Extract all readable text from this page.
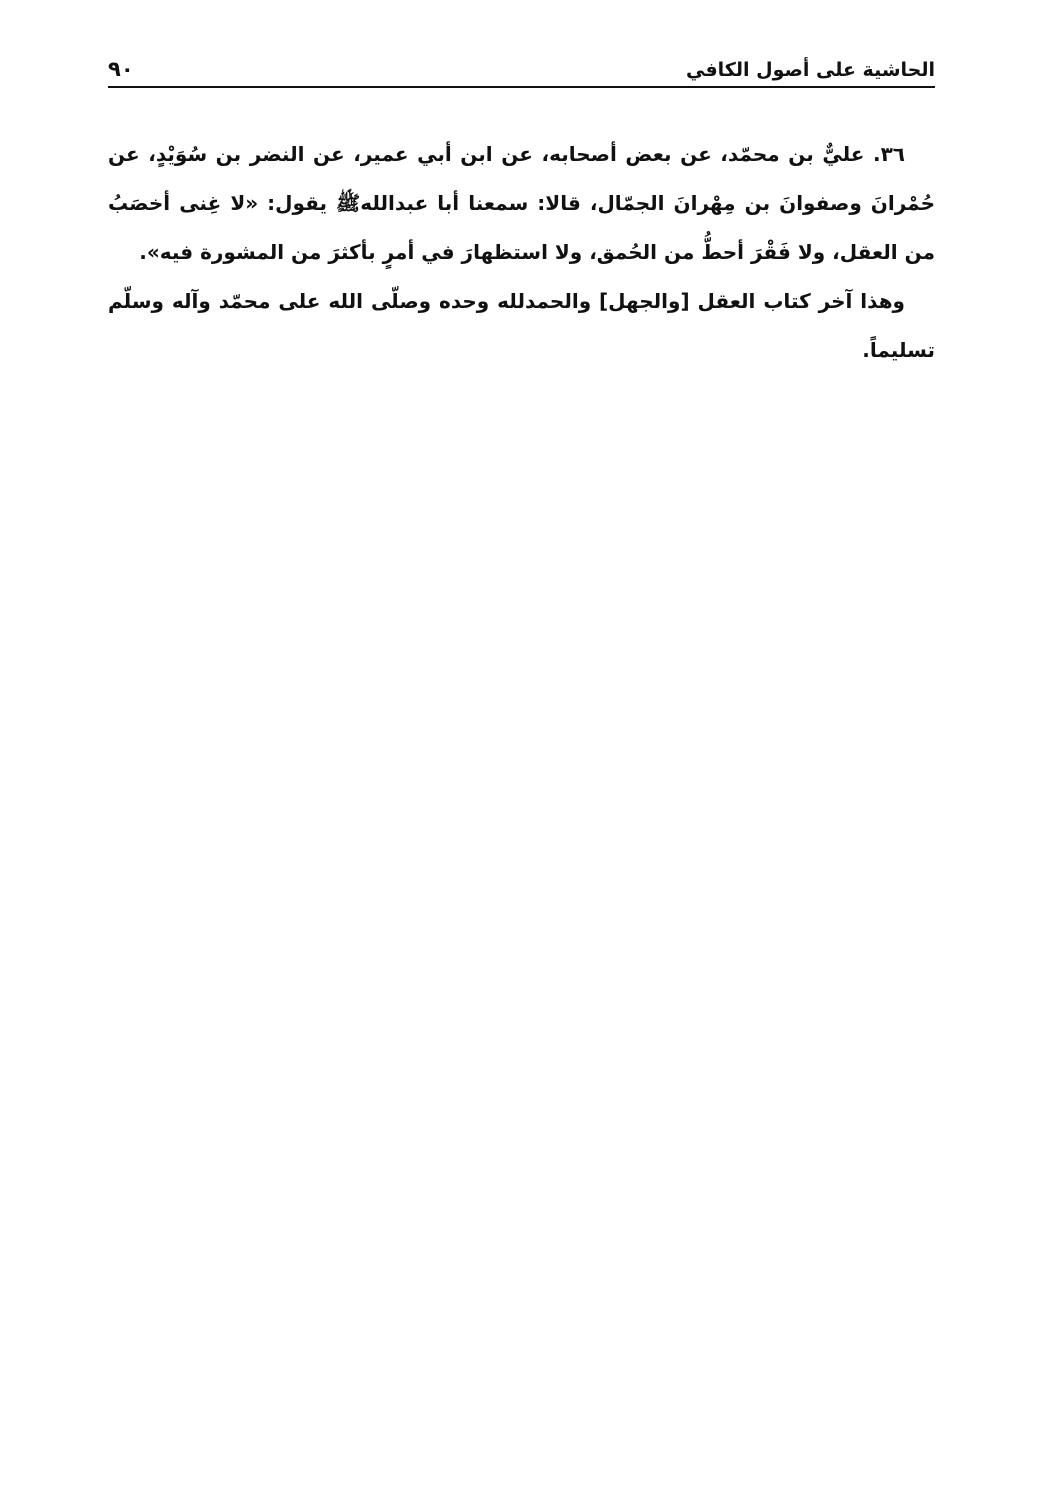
الحاشية على أصول الكافي
٩٠

٣٦. عليٌّ بن محمّد، عن بعض أصحابه، عن ابن أبي عمير، عن النضر بن سُوَيْدٍ، عن حُمْرانَ وصفوانَ بن مِهْرانَ الجمّال، قالا: سمعنا أبا عبداللهﷺ يقول: «لا غِنى أخصَبُ من العقل، ولا فَقْرَ أحطُّ من الحُمق، ولا استظهارَ في أمرٍ بأكثرَ من المشورة فيه».

وهذا آخر كتاب العقل [والجهل] والحمدلله وحده وصلّى الله على محمّد وآله وسلّم تسليماً.
